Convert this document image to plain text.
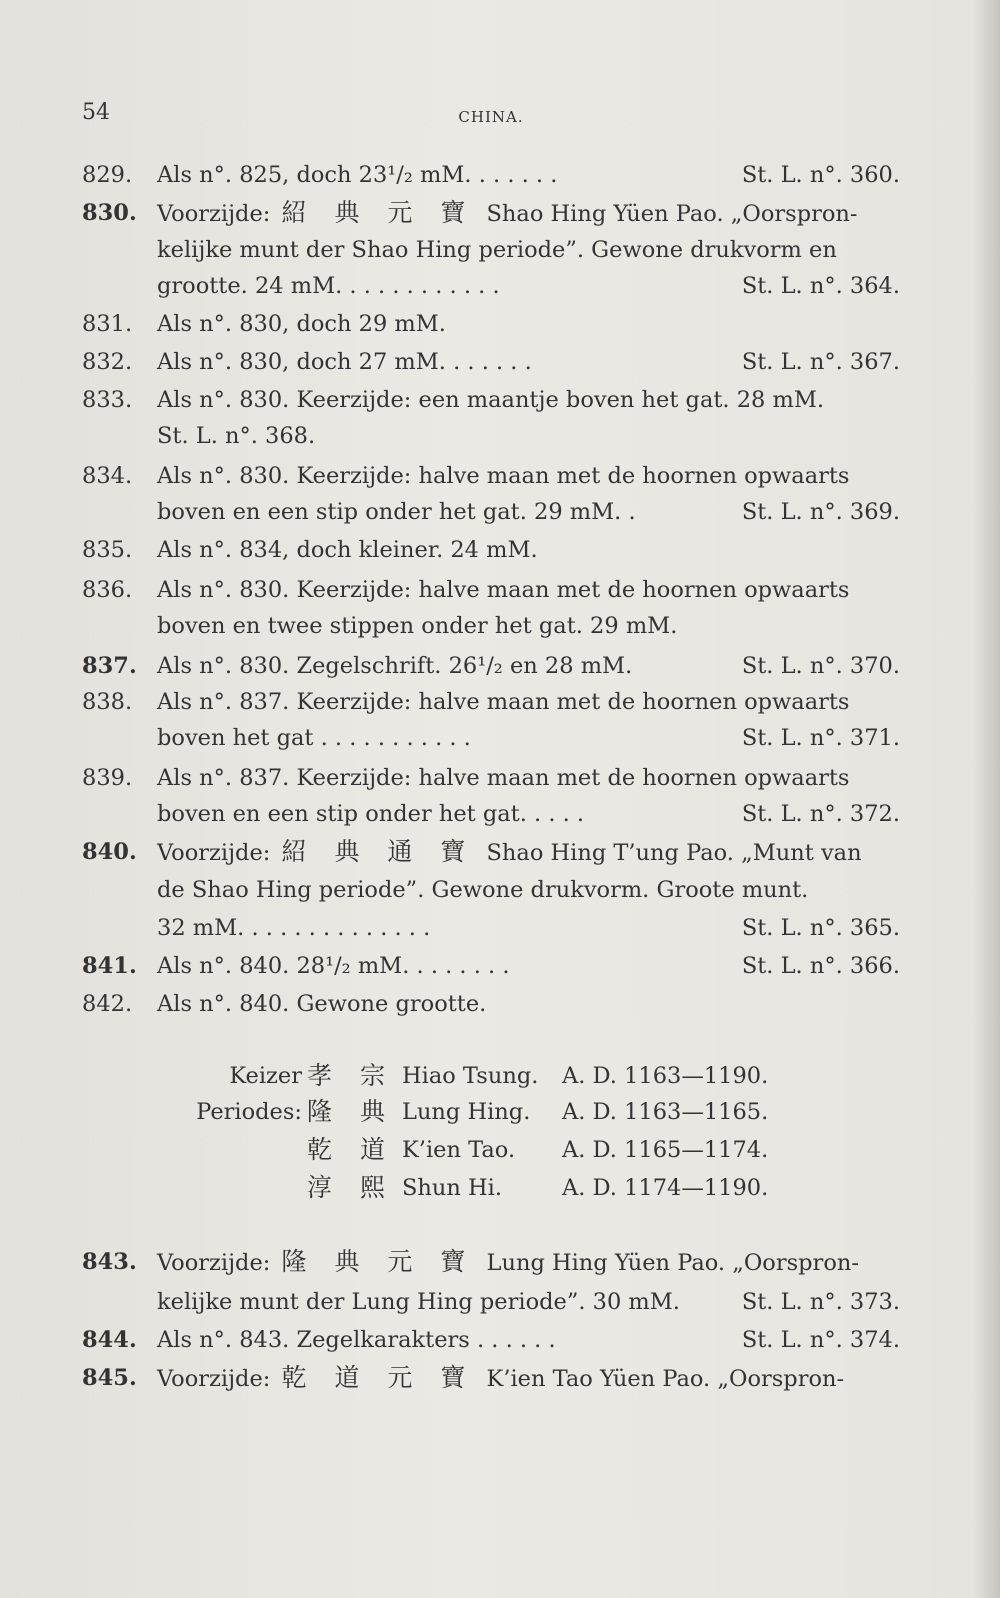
54	CHINA.
829. Als n°. 825, doch 23¹/₂ mM. . . . . . .	St. L. n°. 360.
830. Voorzijde: 紹 典 元 寶 Shao Hing Yüen Pao. „Oorspron-
kelijke munt der Shao Hing periode”. Gewone drukvorm en
grootte. 24 mM. . . . . . . . . . . .	St. L. n°. 364.
831. Als n°. 830, doch 29 mM.
832. Als n°. 830, doch 27 mM. . . . . . .	St. L. n°. 367.
833. Als n°. 830. Keerzijde: een maantje boven het gat. 28 mM.
St. L. n°. 368.
834. Als n°. 830. Keerzijde: halve maan met de hoornen opwaarts
boven en een stip onder het gat. 29 mM. .	St. L. n°. 369.
835. Als n°. 834, doch kleiner. 24 mM.
836. Als n°. 830. Keerzijde: halve maan met de hoornen opwaarts
boven en twee stippen onder het gat. 29 mM.
837. Als n°. 830. Zegelschrift. 26¹/₂ en 28 mM.	St. L. n°. 370.
838. Als n°. 837. Keerzijde: halve maan met de hoornen opwaarts
boven het gat . . . . . . . . . . .	St. L. n°. 371.
839. Als n°. 837. Keerzijde: halve maan met de hoornen opwaarts
boven en een stip onder het gat. . . . .	St. L. n°. 372.
840. Voorzijde: 紹 典 通 寶 Shao Hing T’ung Pao. „Munt van
de Shao Hing periode”. Gewone drukvorm. Groote munt.
32 mM. . . . . . . . . . . . . .	St. L. n°. 365.
841. Als n°. 840. 28¹/₂ mM. . . . . . . .	St. L. n°. 366.
842. Als n°. 840. Gewone grootte.
Keizer 孝 宗 Hiao Tsung. A. D. 1163—1190.
Periodes: 隆 典 Lung Hing. A. D. 1163—1165.
乾 道 K’ien Tao. A. D. 1165—1174.
淳 熙 Shun Hi.	A. D. 1174—1190.
843. Voorzijde: 隆 典 元 寶 Lung Hing Yüen Pao. „Oorspron-
kelijke munt der Lung Hing periode”. 30 mM.	St. L. n°. 373.
844. Als n°. 843. Zegelkarakters . . . . . .	St. L. n°. 374.
845. Voorzijde: 乾 道 元 寶 K’ien Tao Yüen Pao. „Oorspron-
